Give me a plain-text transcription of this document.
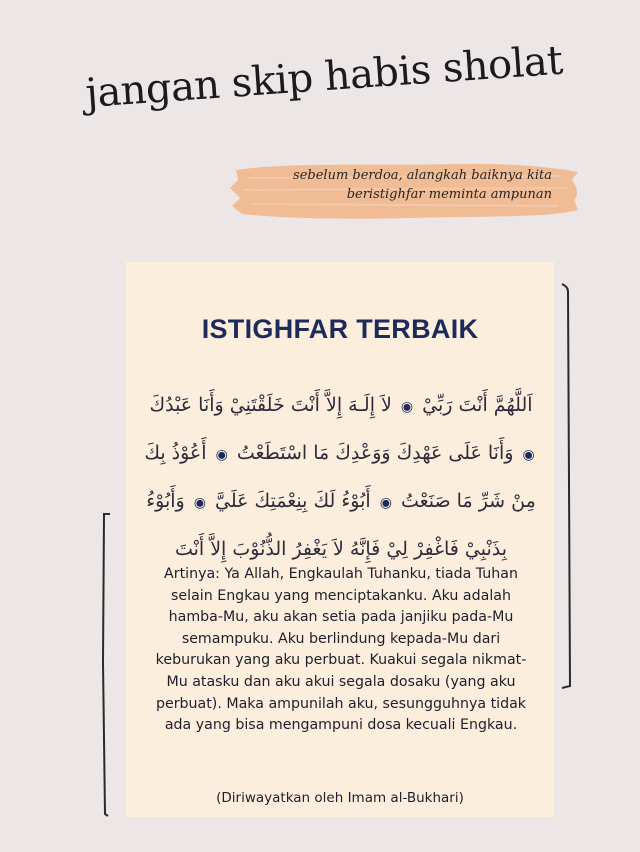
jangan skip habis sholat
sebelum berdoa, alangkah baiknya kita
beristighfar meminta ampunan
ISTIGHFAR TERBAIK
اَللَّهُمَّ أَنْتَ رَبِّيْ ◉ لاَ إِلَـهَ إِلاَّ أَنْتَ خَلَقْتَنِيْ وَأَنَا عَبْدُكَ ◉ وَأَنَا عَلَى عَهْدِكَ وَوَعْدِكَ مَا اسْتَطَعْتُ ◉ أَعُوْذُ بِكَ مِنْ شَرِّ مَا صَنَعْتُ ◉ أَبُوْءُ لَكَ بِنِعْمَتِكَ عَلَيَّ ◉ وَأَبُوْءُ بِذَنْبِيْ فَاغْفِرْ لِيْ فَإِنَّهُ لاَ يَغْفِرُ الذُّنُوْبَ إِلاَّ أَنْتَ
Artinya: Ya Allah, Engkaulah Tuhanku, tiada Tuhan selain Engkau yang menciptakanku. Aku adalah hamba-Mu, aku akan setia pada janjiku pada-Mu semampuku. Aku berlindung kepada-Mu dari keburukan yang aku perbuat. Kuakui segala nikmat-Mu atasku dan aku akui segala dosaku (yang aku perbuat). Maka ampunilah aku, sesungguhnya tidak ada yang bisa mengampuni dosa kecuali Engkau.
(Diriwayatkan oleh Imam al-Bukhari)
